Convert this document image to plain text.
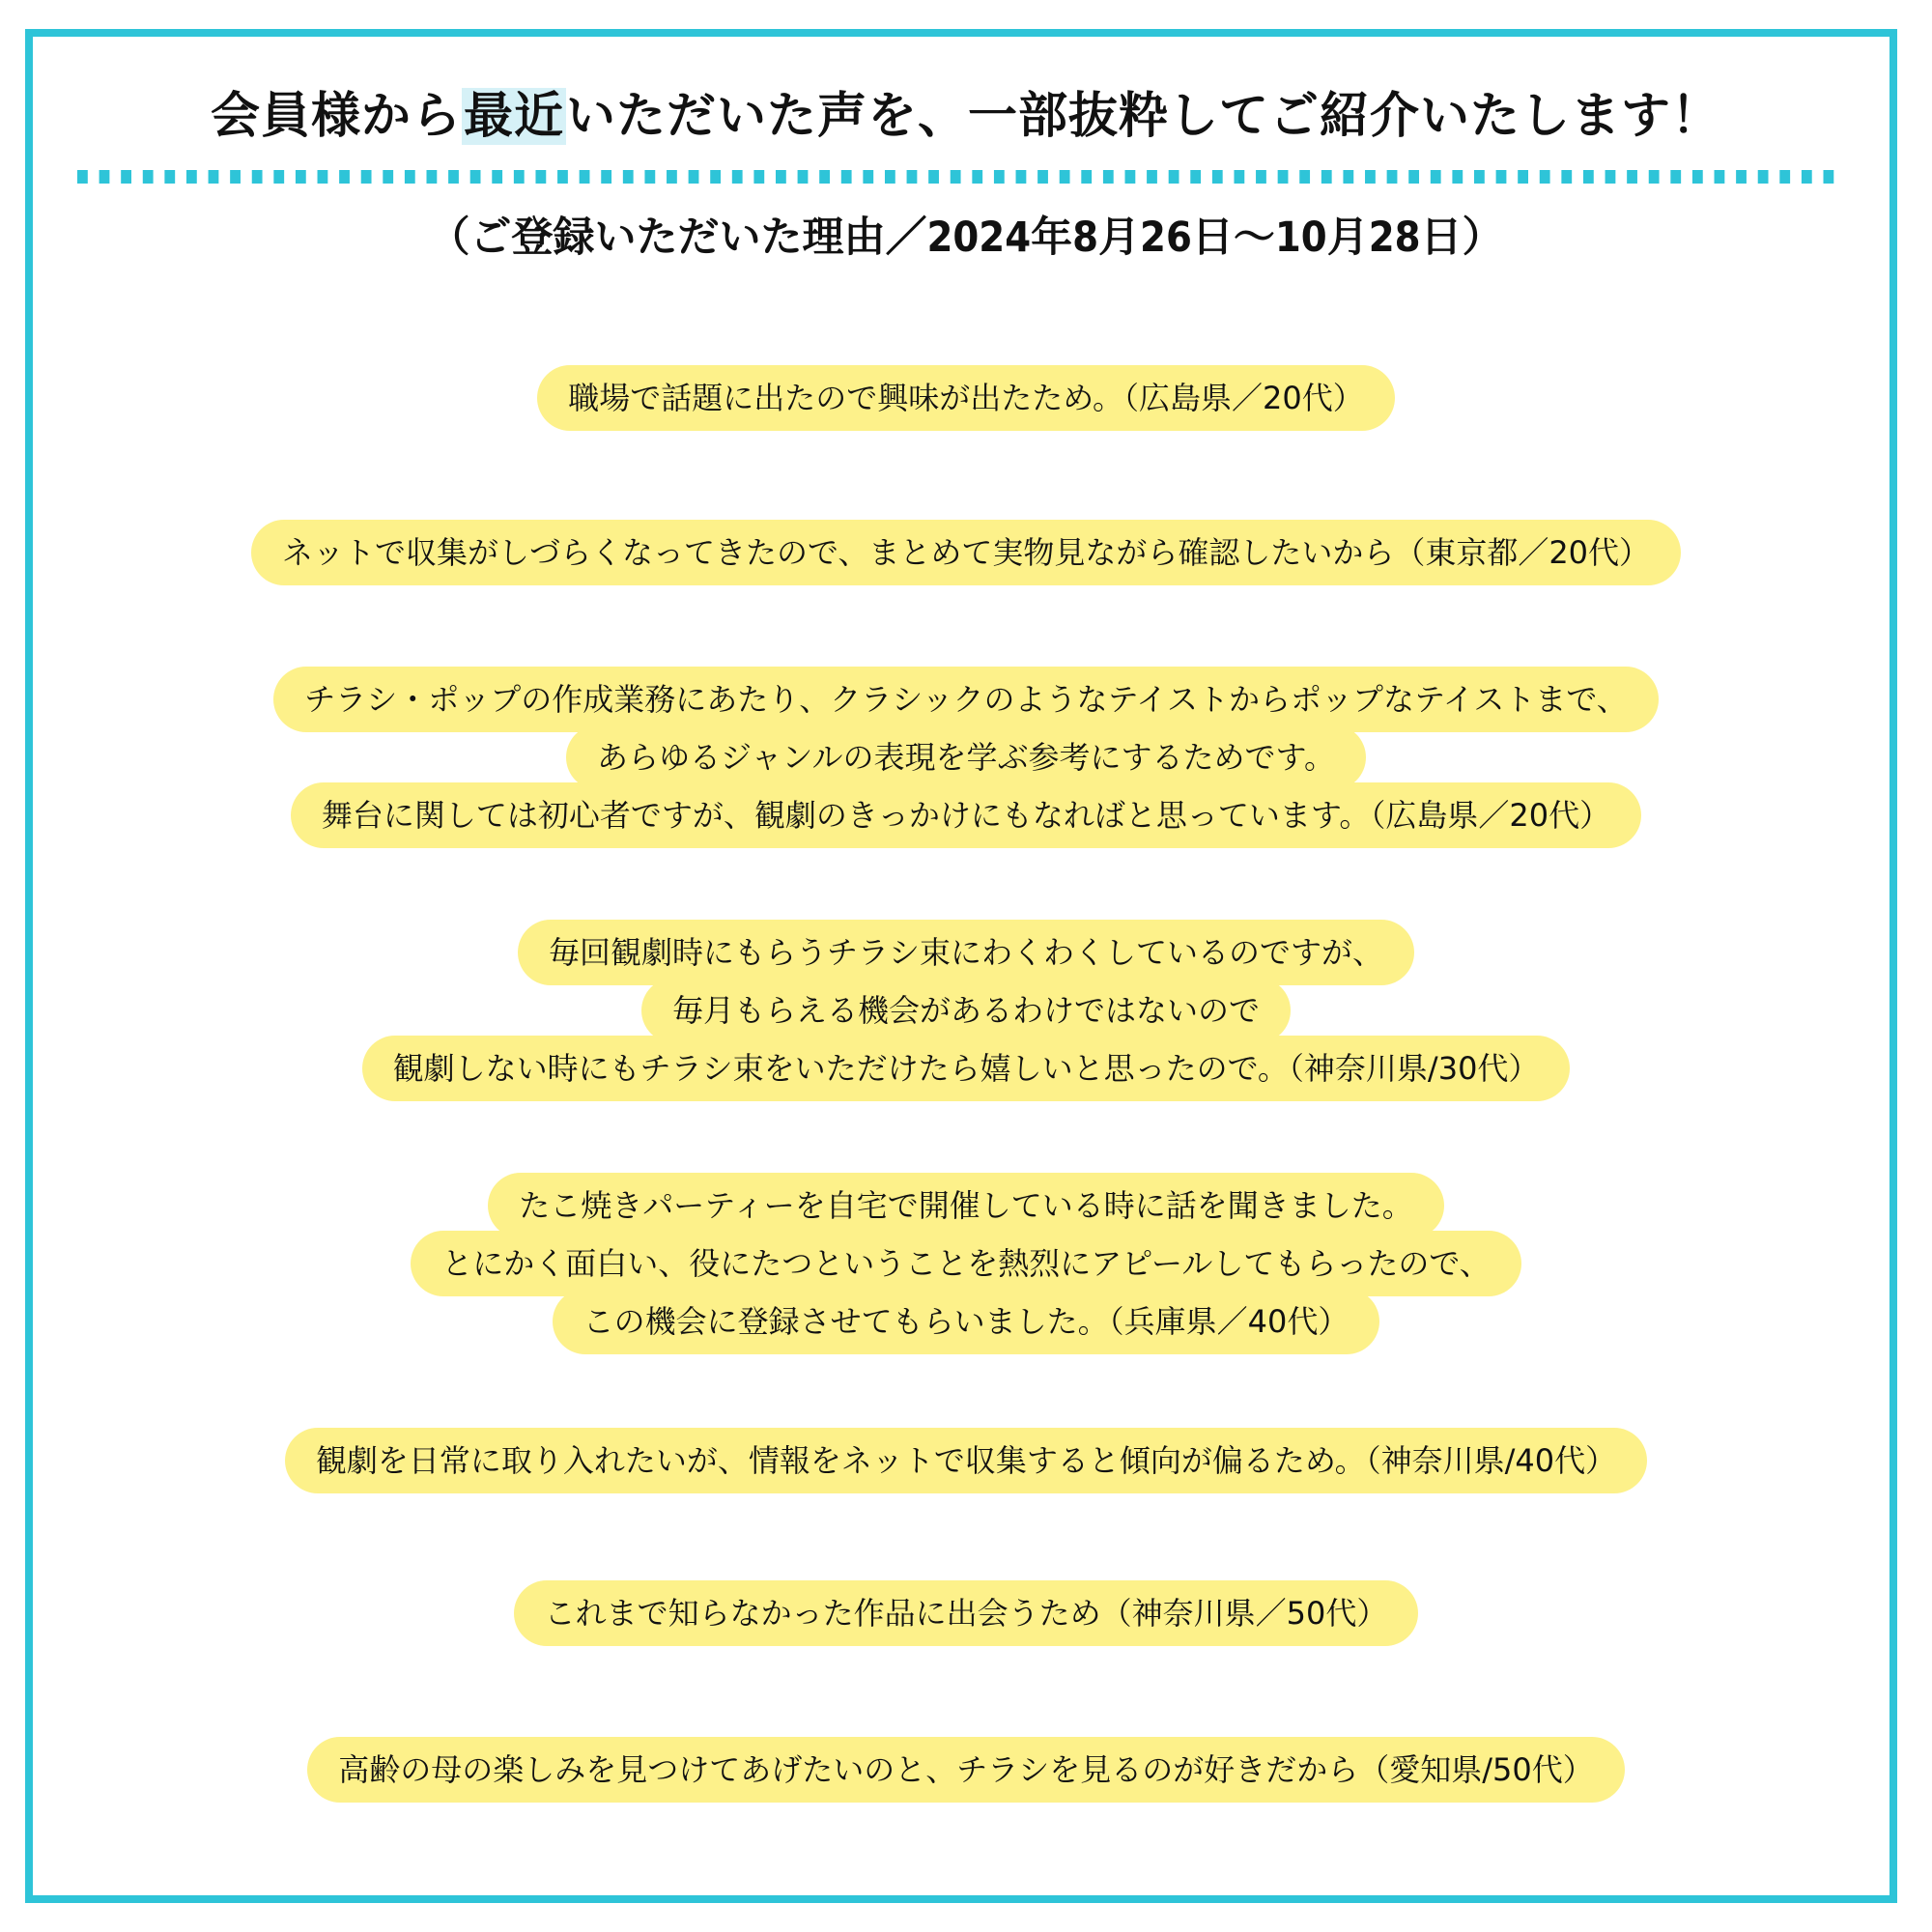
会員様から最近いただいた声を、一部抜粋してご紹介いたします！
（ご登録いただいた理由／2024年8月26日～10月28日）
職場で話題に出たので興味が出たため。（広島県／20代）
ネットで収集がしづらくなってきたので、まとめて実物見ながら確認したいから（東京都／20代）
チラシ・ポップの作成業務にあたり、クラシックのようなテイストからポップなテイストまで、
あらゆるジャンルの表現を学ぶ参考にするためです。
舞台に関しては初心者ですが、観劇のきっかけにもなればと思っています。（広島県／20代）
毎回観劇時にもらうチラシ束にわくわくしているのですが、
毎月もらえる機会があるわけではないので
観劇しない時にもチラシ束をいただけたら嬉しいと思ったので。（神奈川県/30代）
たこ焼きパーティーを自宅で開催している時に話を聞きました。
とにかく面白い、役にたつということを熱烈にアピールしてもらったので、
この機会に登録させてもらいました。（兵庫県／40代）
観劇を日常に取り入れたいが、情報をネットで収集すると傾向が偏るため。（神奈川県/40代）
これまで知らなかった作品に出会うため（神奈川県／50代）
高齢の母の楽しみを見つけてあげたいのと、チラシを見るのが好きだから（愛知県/50代）
